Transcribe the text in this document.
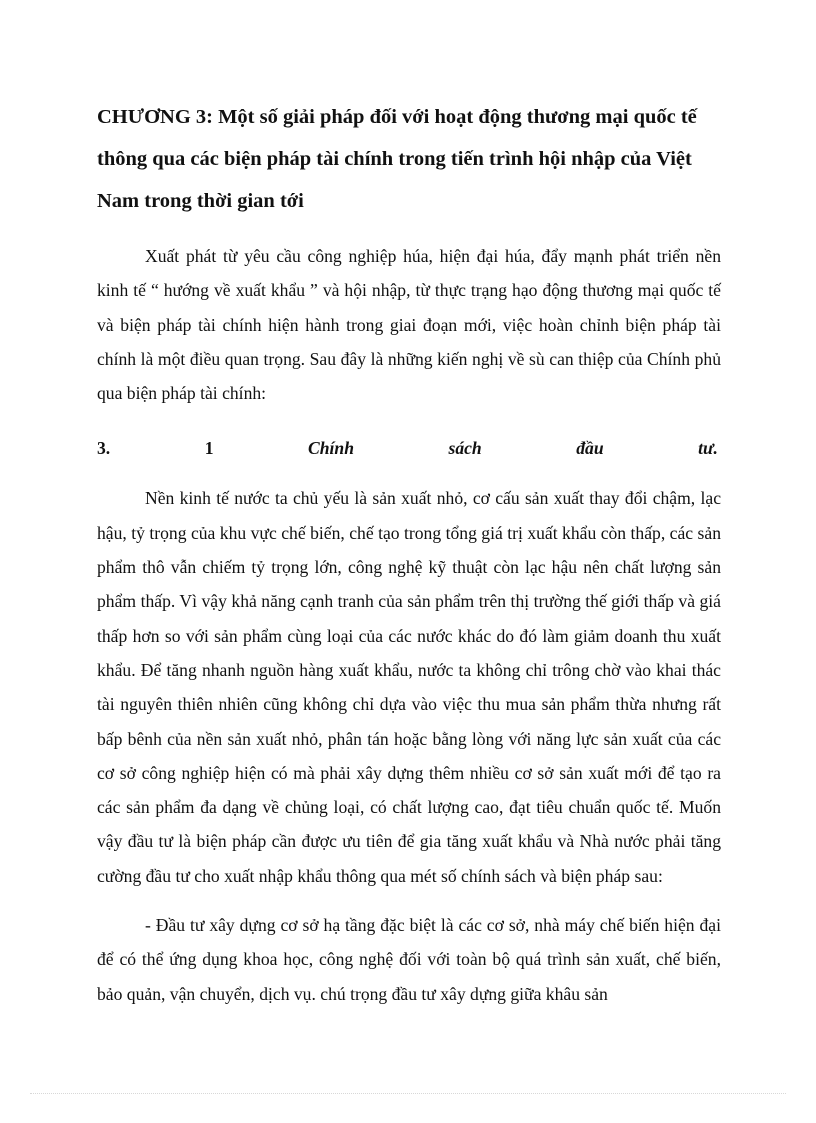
CHƯƠNG 3: Một số giải pháp đối với hoạt động thương mại quốc tế thông qua các biện pháp tài chính trong tiến trình hội nhập của Việt Nam trong thời gian tới

Xuất phát từ yêu cầu công nghiệp húa, hiện đại húa, đẩy mạnh phát triển nền kinh tế “ hướng về xuất khẩu ” và hội nhập, từ thực trạng hạo động thương mại quốc tế và biện pháp tài chính hiện hành trong giai đoạn mới, việc hoàn chỉnh biện pháp tài chính là một điều quan trọng. Sau đây là những kiến nghị về sù can thiệp của Chính phủ qua biện pháp tài chính:

3.	1	Chính	sách	đầu	tư.

Nền kinh tế nước ta chủ yếu là sản xuất nhỏ, cơ cấu sản xuất thay đổi chậm, lạc hậu, tỷ trọng của khu vực chế biến, chế tạo trong tổng giá trị xuất khẩu còn thấp, các sản phẩm thô vẫn chiếm tỷ trọng lớn, công nghệ kỹ thuật còn lạc hậu nên chất lượng sản phẩm thấp. Vì vậy khả năng cạnh tranh của sản phẩm trên thị trường thế giới thấp và giá thấp hơn so với sản phẩm cùng loại của các nước khác do đó làm giảm doanh thu xuất khẩu. Để tăng nhanh nguồn hàng xuất khẩu, nước ta không chỉ trông chờ vào khai thác tài nguyên thiên nhiên cũng không chỉ dựa vào việc thu mua sản phẩm thừa nhưng rất bấp bênh của nền sản xuất nhỏ, phân tán hoặc bằng lòng với năng lực sản xuất của các cơ sở công nghiệp hiện có mà phải xây dựng thêm nhiều cơ sở sản xuất mới để tạo ra các sản phẩm đa dạng về chủng loại, có chất lượng cao, đạt tiêu chuẩn quốc tế. Muốn vậy đầu tư là biện pháp cần được ưu tiên để gia tăng xuất khẩu và Nhà nước phải tăng cường đầu tư cho xuất nhập khẩu thông qua mét số chính sách và biện pháp sau:

- Đầu tư xây dựng cơ sở hạ tầng đặc biệt là các cơ sở, nhà máy chế biến hiện đại để có thể ứng dụng khoa học, công nghệ đối với toàn bộ quá trình sản xuất, chế biến, bảo quản, vận chuyển, dịch vụ. chú trọng đầu tư xây dựng giữa khâu sản
